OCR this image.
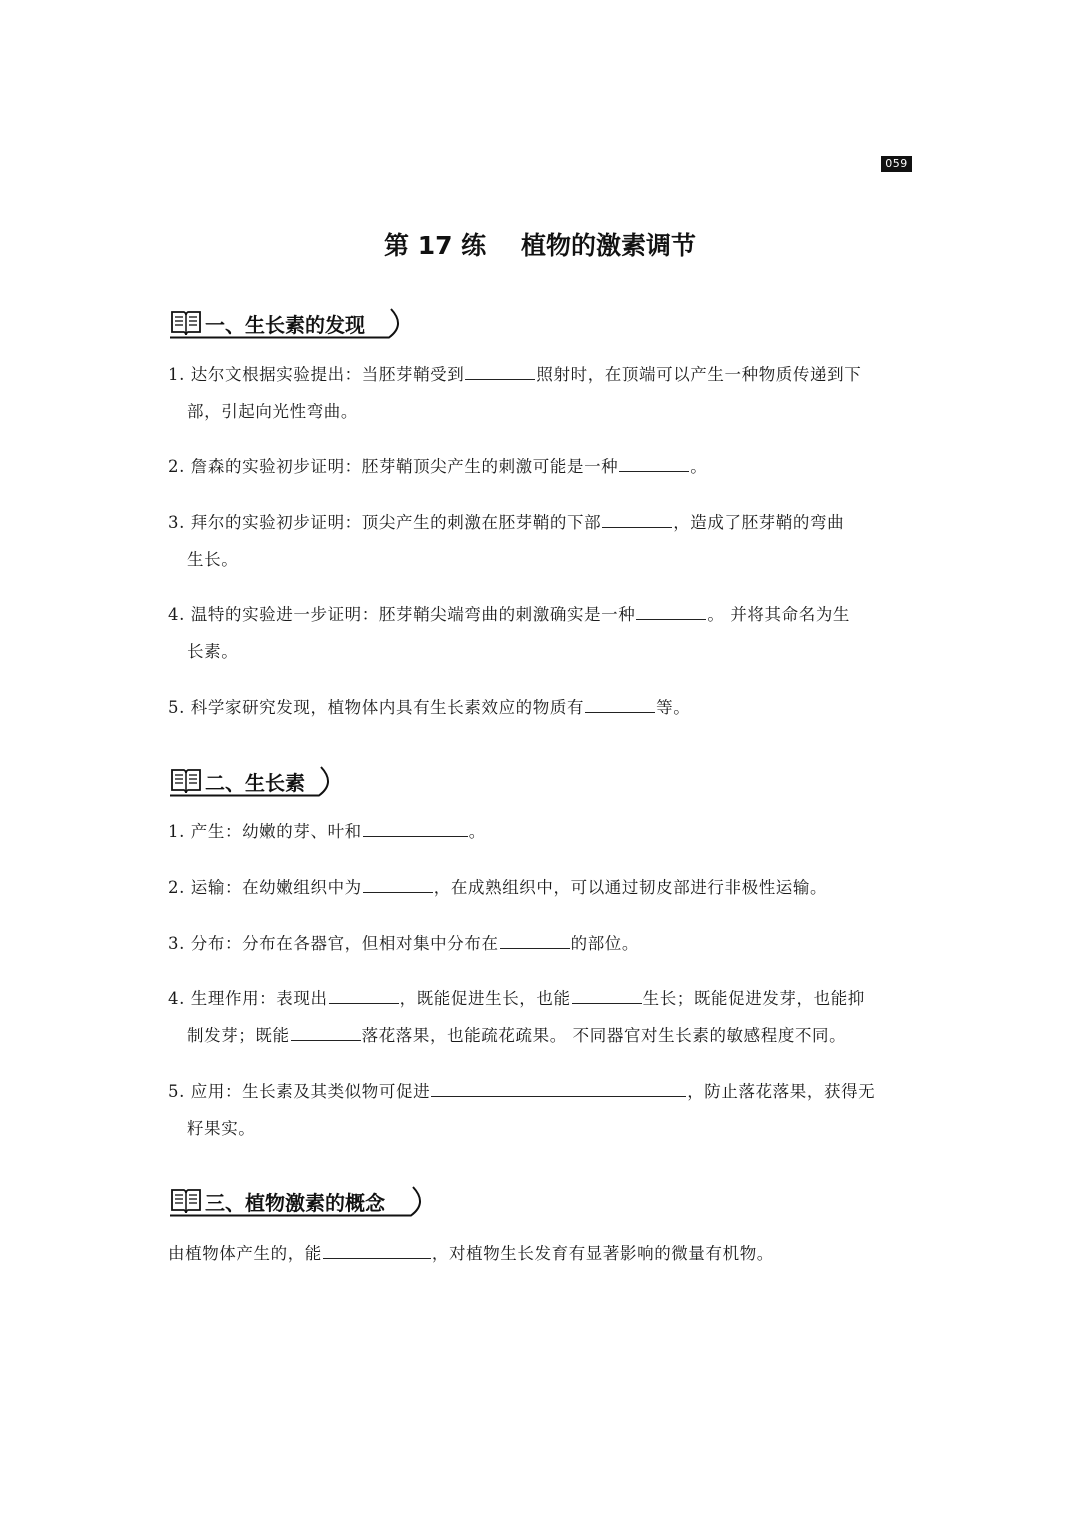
059
第 17 练    植物的激素调节
一、生长素的发现
1. 达尔文根据实验提出：当胚芽鞘受到	照射时，在顶端可以产生一种物质传递到下
部，引起向光性弯曲。
2. 詹森的实验初步证明：胚芽鞘顶尖产生的刺激可能是一种	。
3. 拜尔的实验初步证明：顶尖产生的刺激在胚芽鞘的下部	，造成了胚芽鞘的弯曲
生长。
4. 温特的实验进一步证明：胚芽鞘尖端弯曲的刺激确实是一种	。 并将其命名为生
长素。
5. 科学家研究发现，植物体内具有生长素效应的物质有	等。
二、生长素
1. 产生：幼嫩的芽、叶和	。
2. 运输：在幼嫩组织中为	，在成熟组织中，可以通过韧皮部进行非极性运输。
3. 分布：分布在各器官，但相对集中分布在	的部位。
4. 生理作用：表现出	，既能促进生长，也能	生长；既能促进发芽，也能抑
制发芽；既能	落花落果，也能疏花疏果。 不同器官对生长素的敏感程度不同。
5. 应用：生长素及其类似物可促进	，防止落花落果，获得无
籽果实。
三、植物激素的概念
由植物体产生的，能	，对植物生长发育有显著影响的微量有机物。
